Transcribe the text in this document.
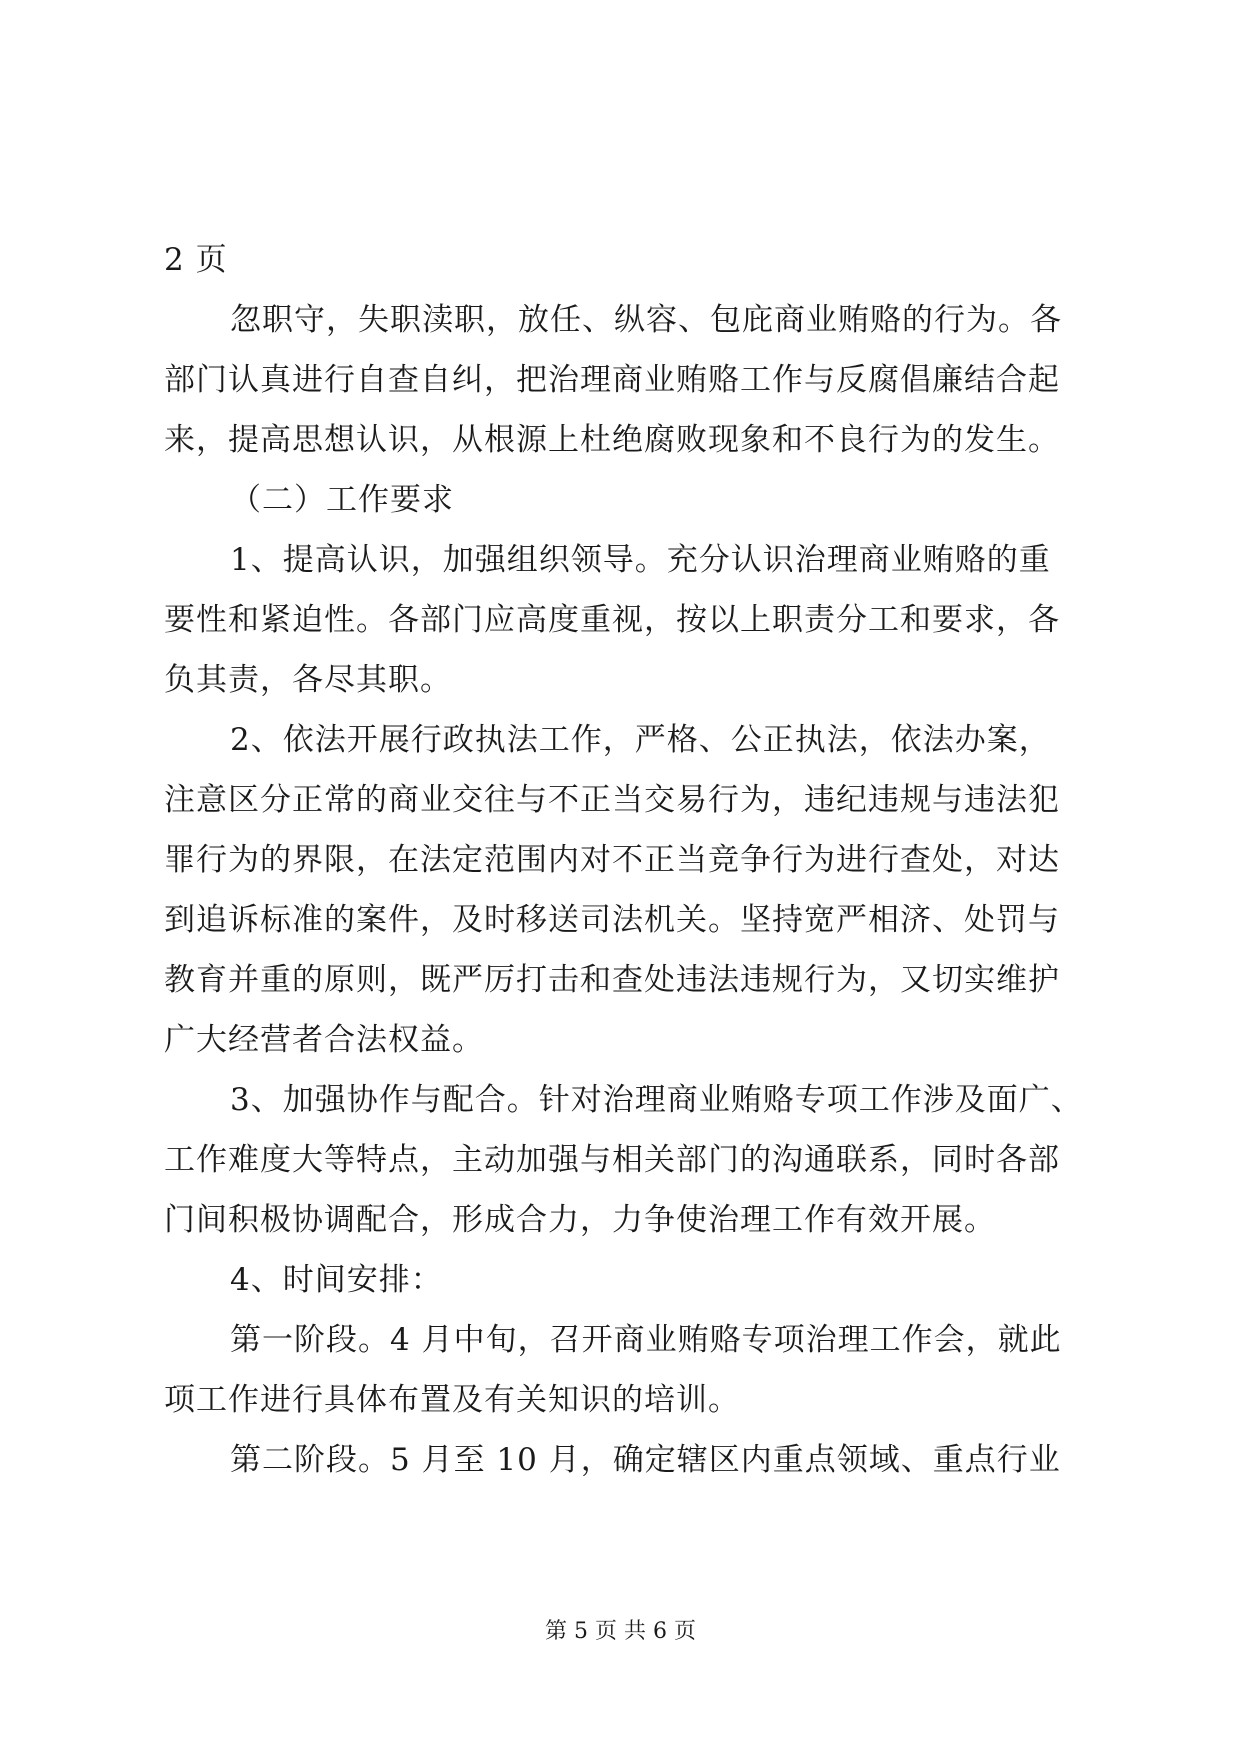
2 页
忽职守，失职渎职，放任、纵容、包庇商业贿赂的行为。各
部门认真进行自查自纠，把治理商业贿赂工作与反腐倡廉结合起
来，提高思想认识，从根源上杜绝腐败现象和不良行为的发生。
（二）工作要求
1、提高认识，加强组织领导。充分认识治理商业贿赂的重
要性和紧迫性。各部门应高度重视，按以上职责分工和要求，各
负其责，各尽其职。
2、依法开展行政执法工作，严格、公正执法，依法办案，
注意区分正常的商业交往与不正当交易行为，违纪违规与违法犯
罪行为的界限，在法定范围内对不正当竞争行为进行查处，对达
到追诉标准的案件，及时移送司法机关。坚持宽严相济、处罚与
教育并重的原则，既严厉打击和查处违法违规行为，又切实维护
广大经营者合法权益。
3、加强协作与配合。针对治理商业贿赂专项工作涉及面广、
工作难度大等特点，主动加强与相关部门的沟通联系，同时各部
门间积极协调配合，形成合力，力争使治理工作有效开展。
4、时间安排：
第一阶段。4 月中旬，召开商业贿赂专项治理工作会，就此
项工作进行具体布置及有关知识的培训。
第二阶段。5 月至 10 月，确定辖区内重点领域、重点行业
第 5 页 共 6 页
